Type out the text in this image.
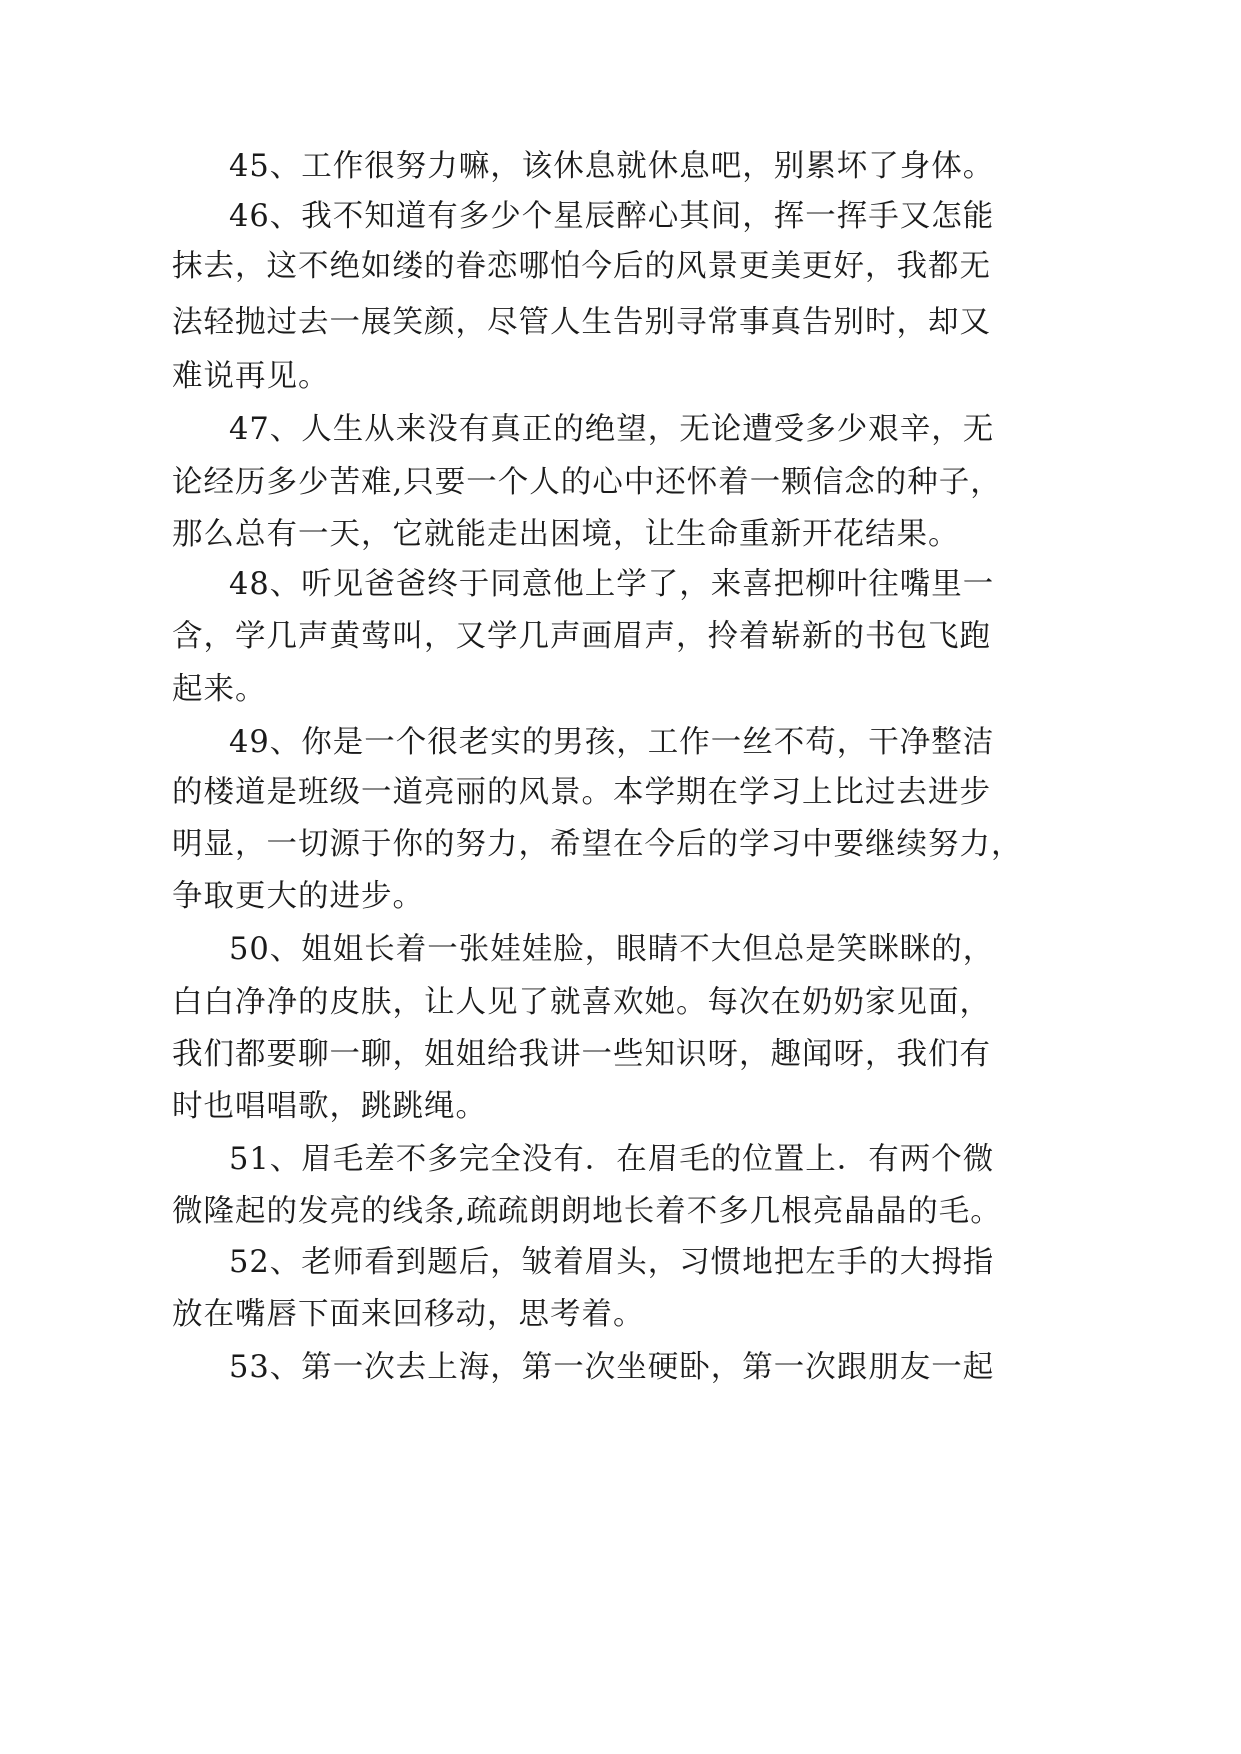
45、工作很努力嘛，该休息就休息吧，别累坏了身体。
46、我不知道有多少个星辰醉心其间，挥一挥手又怎能
抹去，这不绝如缕的眷恋哪怕今后的风景更美更好，我都无
法轻抛过去一展笑颜，尽管人生告别寻常事真告别时，却又
难说再见。
47、人生从来没有真正的绝望，无论遭受多少艰辛，无
论经历多少苦难,只要一个人的心中还怀着一颗信念的种子，
那么总有一天，它就能走出困境，让生命重新开花结果。
48、听见爸爸终于同意他上学了，来喜把柳叶往嘴里一
含，学几声黄莺叫，又学几声画眉声，拎着崭新的书包飞跑
起来。
49、你是一个很老实的男孩，工作一丝不苟，干净整洁
的楼道是班级一道亮丽的风景。本学期在学习上比过去进步
明显，一切源于你的努力，希望在今后的学习中要继续努力，
争取更大的进步。
50、姐姐长着一张娃娃脸，眼睛不大但总是笑眯眯的，
白白净净的皮肤，让人见了就喜欢她。每次在奶奶家见面，
我们都要聊一聊，姐姐给我讲一些知识呀，趣闻呀，我们有
时也唱唱歌，跳跳绳。
51、眉毛差不多完全没有．在眉毛的位置上．有两个微
微隆起的发亮的线条,疏疏朗朗地长着不多几根亮晶晶的毛。
52、老师看到题后，皱着眉头，习惯地把左手的大拇指
放在嘴唇下面来回移动，思考着。
53、第一次去上海，第一次坐硬卧，第一次跟朋友一起
